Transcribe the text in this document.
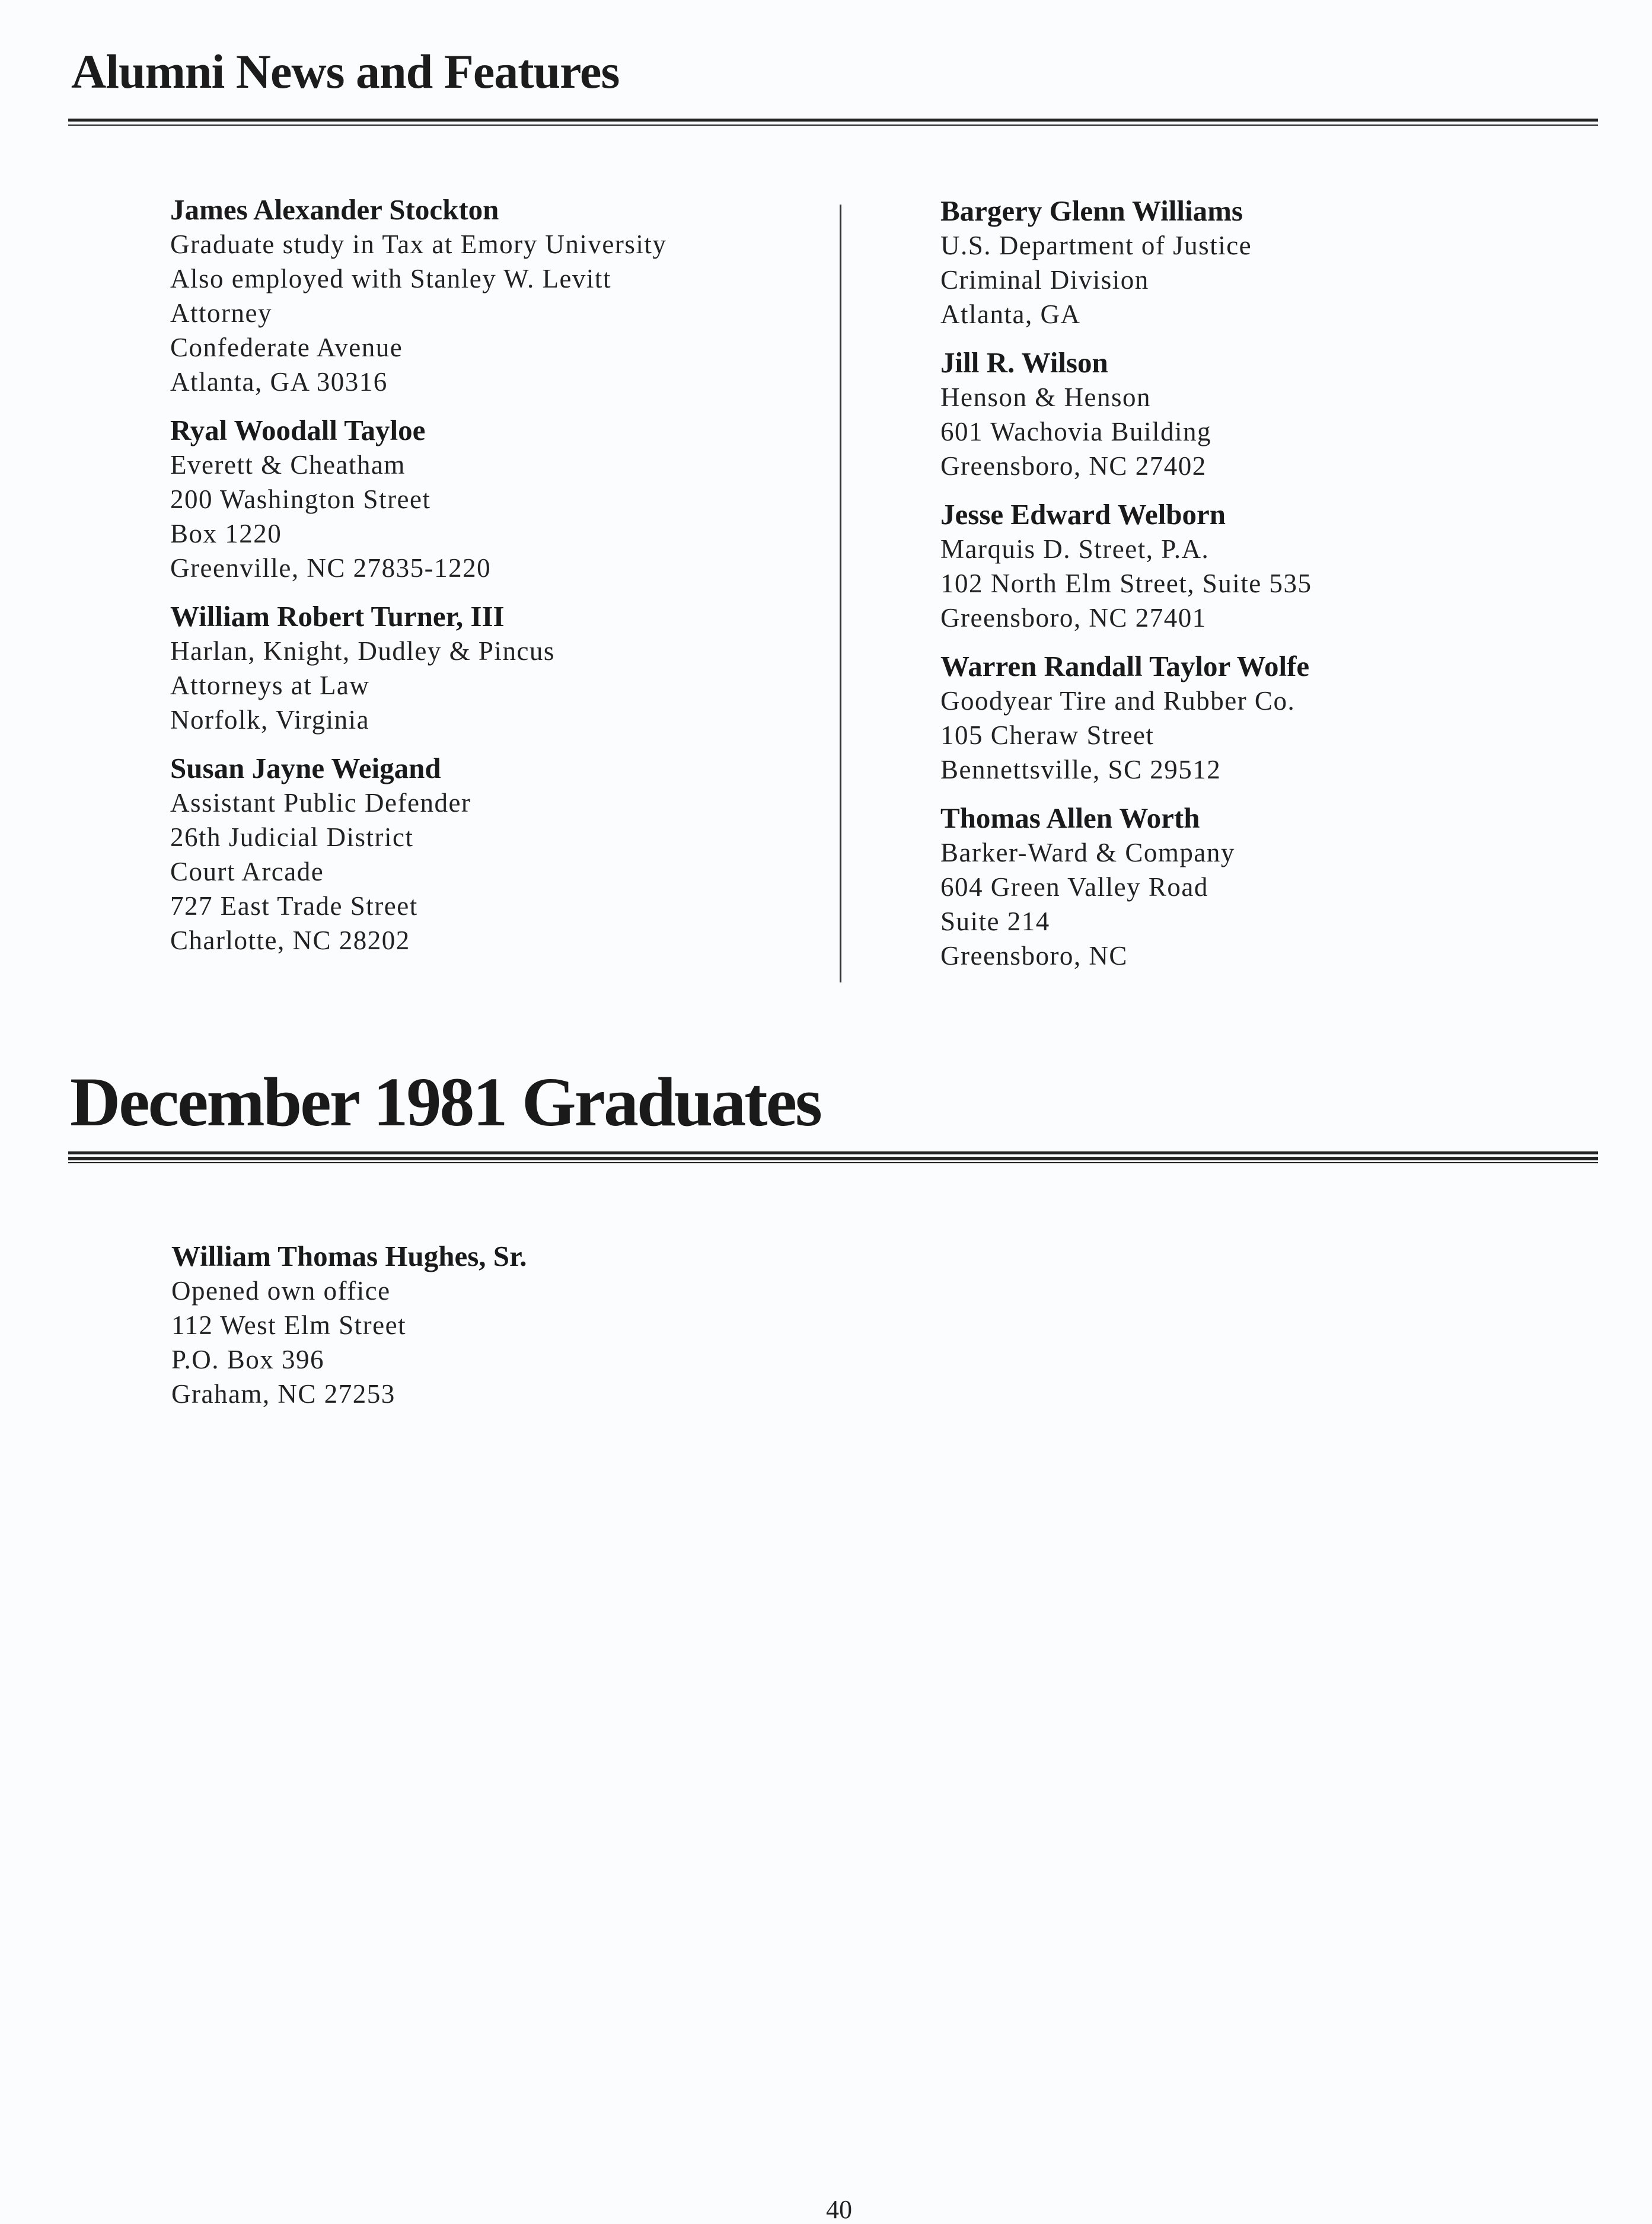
Alumni News and Features
James Alexander Stockton
Graduate study in Tax at Emory University
Also employed with Stanley W. Levitt
Attorney
Confederate Avenue
Atlanta, GA 30316
Ryal Woodall Tayloe
Everett & Cheatham
200 Washington Street
Box 1220
Greenville, NC 27835-1220
William Robert Turner, III
Harlan, Knight, Dudley & Pincus
Attorneys at Law
Norfolk, Virginia
Susan Jayne Weigand
Assistant Public Defender
26th Judicial District
Court Arcade
727 East Trade Street
Charlotte, NC 28202
Bargery Glenn Williams
U.S. Department of Justice
Criminal Division
Atlanta, GA
Jill R. Wilson
Henson & Henson
601 Wachovia Building
Greensboro, NC 27402
Jesse Edward Welborn
Marquis D. Street, P.A.
102 North Elm Street, Suite 535
Greensboro, NC 27401
Warren Randall Taylor Wolfe
Goodyear Tire and Rubber Co.
105 Cheraw Street
Bennettsville, SC 29512
Thomas Allen Worth
Barker-Ward & Company
604 Green Valley Road
Suite 214
Greensboro, NC
December 1981 Graduates
William Thomas Hughes, Sr.
Opened own office
112 West Elm Street
P.O. Box 396
Graham, NC 27253
40
